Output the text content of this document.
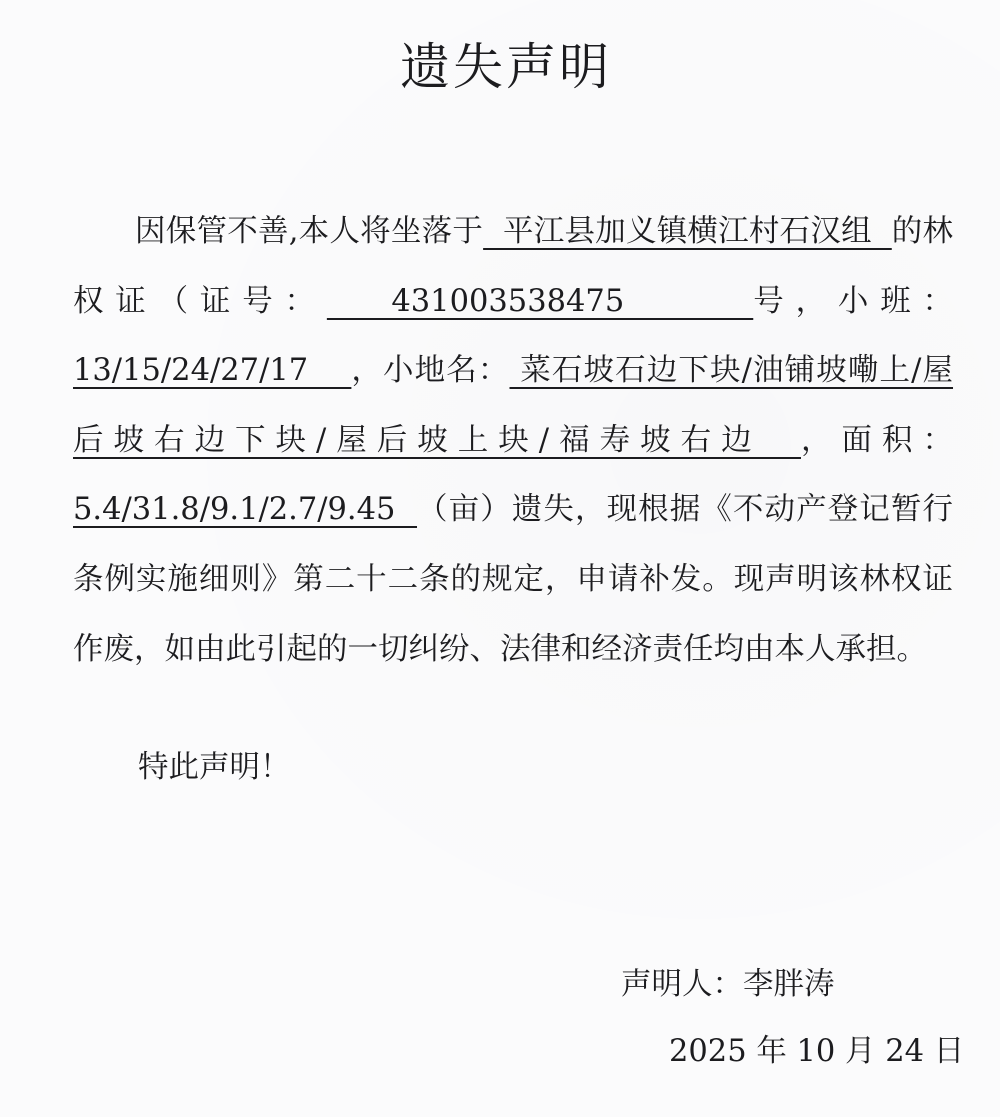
遗失声明

因保管不善,本人将坐落于  平江县加义镇横江村石汉组  的林权证（证号：   431003538475      号，小班：13/15/24/27/17    ，小地名： 菜石坡石边下块/油铺坡嘞上/屋后坡右边下块/屋后坡上块/福寿坡右边  ，面积：5.4/31.8/9.1/2.7/9.45  （亩）遗失，现根据《不动产登记暂行条例实施细则》第二十二条的规定，申请补发。现声明该林权证作废，如由此引起的一切纠纷、法律和经济责任均由本人承担。

特此声明！
声明人：李胖涛
2025 年 10 月 24 日
